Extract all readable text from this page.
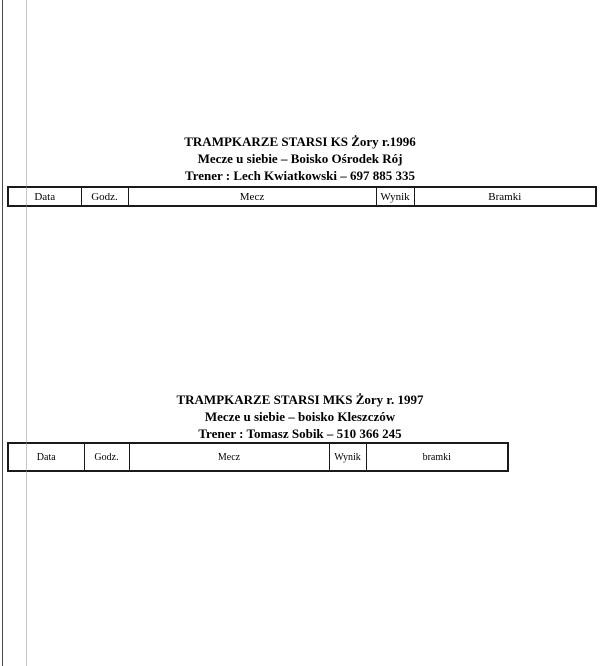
TRAMPKARZE STARSI KS Żory r.1996
Mecze u siebie – Boisko Ośrodek Rój
Trener : Lech Kwiatkowski – 697 885 335
Data	Godz.	Mecz	Wynik	Bramki
TRAMPKARZE STARSI MKS Żory r. 1997
Mecze u siebie – boisko Kleszczów
Trener : Tomasz Sobik – 510 366 245
Data	Godz.	Mecz	Wynik	bramki
